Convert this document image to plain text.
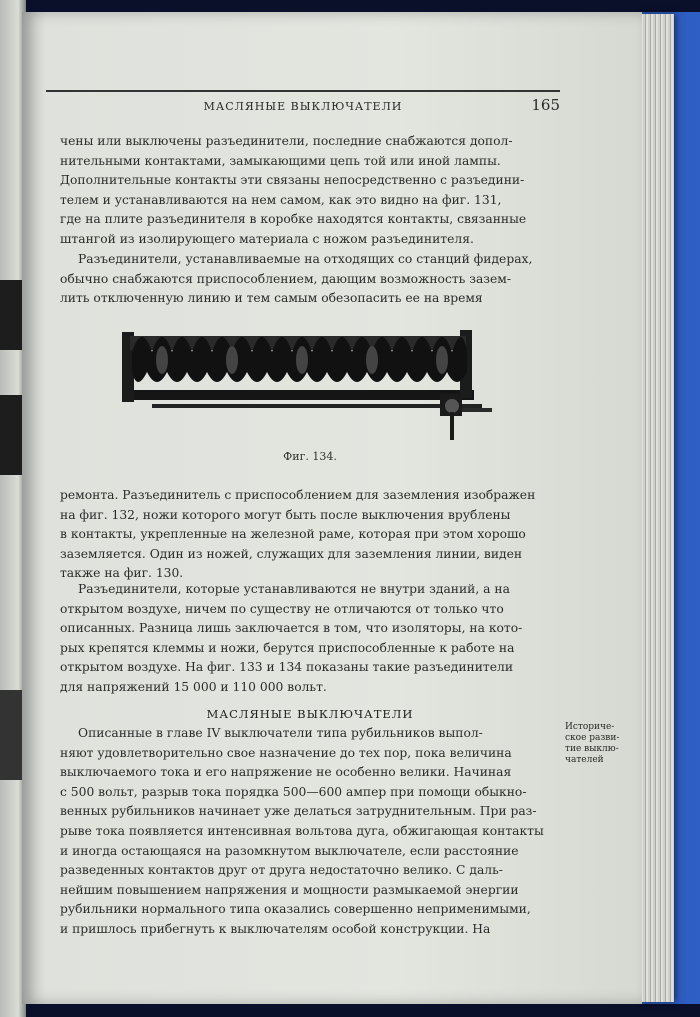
МАСЛЯНЫЕ ВЫКЛЮЧАТЕЛИ	165

чены или выключены разъединители, последние снабжаются допол-
нительными контактами, замыкающими цепь той или иной лампы.
Дополнительные контакты эти связаны непосредственно с разъедини-
телем и устанавливаются на нем самом, как это видно на фиг. 131,
где на плите разъединителя в коробке находятся контакты, связанные
штангой из изолирующего материала с ножом разъединителя.

Разъединители, устанавливаемые на отходящих со станций фидерах,
обычно снабжаются приспособлением, дающим возможность зазем-
лить отключенную линию и тем самым обезопасить ее на время

Фиг. 134.

ремонта. Разъединитель с приспособлением для заземления изображен
на фиг. 132, ножи которого могут быть после выключения врублены
в контакты, укрепленные на железной раме, которая при этом хорошо
заземляется. Один из ножей, служащих для заземления линии, виден
также на фиг. 130.

Разъединители, которые устанавливаются не внутри зданий, а на
открытом воздухе, ничем по существу не отличаются от только что
описанных. Разница лишь заключается в том, что изоляторы, на кото-
рых крепятся клеммы и ножи, берутся приспособленные к работе на
открытом воздухе. На фиг. 133 и 134 показаны такие разъединители
для напряжений 15 000 и 110 000 вольт.

МАСЛЯНЫЕ ВЫКЛЮЧАТЕЛИ

Описанные в главе IV выключатели типа рубильников выпол-
няют удовлетворительно свое назначение до тех пор, пока величина
выключаемого тока и его напряжение не особенно велики. Начиная
с 500 вольт, разрыв тока порядка 500—600 ампер при помощи обыкно-
венных рубильников начинает уже делаться затруднительным. При раз-
рыве тока появляется интенсивная вольтова дуга, обжигающая контакты
и иногда остающаяся на разомкнутом выключателе, если расстояние
разведенных контактов друг от друга недостаточно велико. С даль-
нейшим повышением напряжения и мощности размыкаемой энергии
рубильники нормального типа оказались совершенно неприменимыми,
и пришлось прибегнуть к выключателям особой конструкции. На

Историче-
ское разви-
тие выклю-
чателей
